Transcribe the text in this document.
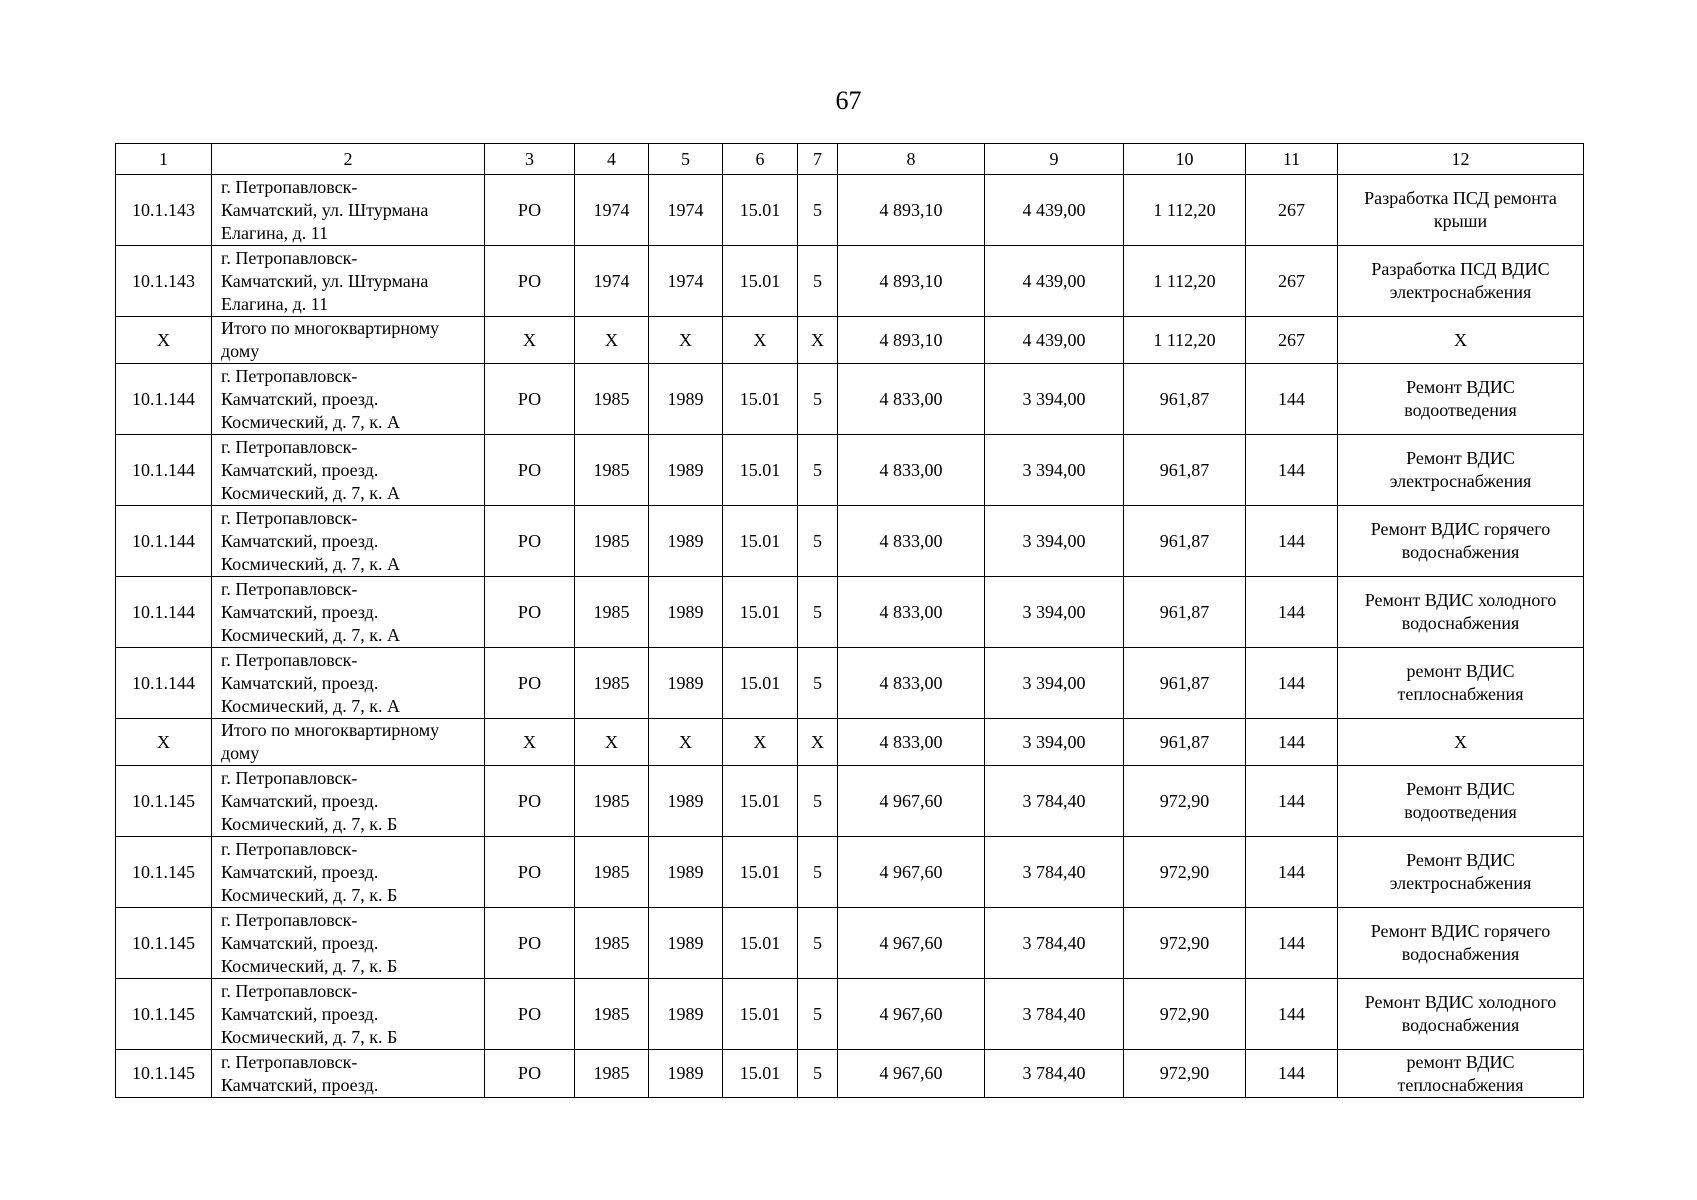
67
1	2	3	4	5	6	7	8	9	10	11	12
10.1.143	г. Петропавловск-
Камчатский, ул. Штурмана
Елагина, д. 11	РО	1974	1974	15.01	5	4 893,10	4 439,00	1 112,20	267	Разработка ПСД ремонта
крыши

10.1.143	г. Петропавловск-
Камчатский, ул. Штурмана
Елагина, д. 11	РО	1974	1974	15.01	5	4 893,10	4 439,00	1 112,20	267	Разработка ПСД ВДИС
электроснабжения

X	Итого по многоквартирному
дому	X	X	X	X	X	4 893,10	4 439,00	1 112,20	267	X

10.1.144	г. Петропавловск-
Камчатский, проезд.
Космический, д. 7, к. А	РО	1985	1989	15.01	5	4 833,00	3 394,00	961,87	144	Ремонт ВДИС
водоотведения

10.1.144	г. Петропавловск-
Камчатский, проезд.
Космический, д. 7, к. А	РО	1985	1989	15.01	5	4 833,00	3 394,00	961,87	144	Ремонт ВДИС
электроснабжения

10.1.144	г. Петропавловск-
Камчатский, проезд.
Космический, д. 7, к. А	РО	1985	1989	15.01	5	4 833,00	3 394,00	961,87	144	Ремонт ВДИС горячего
водоснабжения

10.1.144	г. Петропавловск-
Камчатский, проезд.
Космический, д. 7, к. А	РО	1985	1989	15.01	5	4 833,00	3 394,00	961,87	144	Ремонт ВДИС холодного
водоснабжения

10.1.144	г. Петропавловск-
Камчатский, проезд.
Космический, д. 7, к. А	РО	1985	1989	15.01	5	4 833,00	3 394,00	961,87	144	ремонт ВДИС
теплоснабжения

X	Итого по многоквартирному
дому	X	X	X	X	X	4 833,00	3 394,00	961,87	144	X

10.1.145	г. Петропавловск-
Камчатский, проезд.
Космический, д. 7, к. Б	РО	1985	1989	15.01	5	4 967,60	3 784,40	972,90	144	Ремонт ВДИС
водоотведения

10.1.145	г. Петропавловск-
Камчатский, проезд.
Космический, д. 7, к. Б	РО	1985	1989	15.01	5	4 967,60	3 784,40	972,90	144	Ремонт ВДИС
электроснабжения

10.1.145	г. Петропавловск-
Камчатский, проезд.
Космический, д. 7, к. Б	РО	1985	1989	15.01	5	4 967,60	3 784,40	972,90	144	Ремонт ВДИС горячего
водоснабжения

10.1.145	г. Петропавловск-
Камчатский, проезд.
Космический, д. 7, к. Б	РО	1985	1989	15.01	5	4 967,60	3 784,40	972,90	144	Ремонт ВДИС холодного
водоснабжения

10.1.145	г. Петропавловск-
Камчатский, проезд.	РО	1985	1989	15.01	5	4 967,60	3 784,40	972,90	144	ремонт ВДИС
теплоснабжения
